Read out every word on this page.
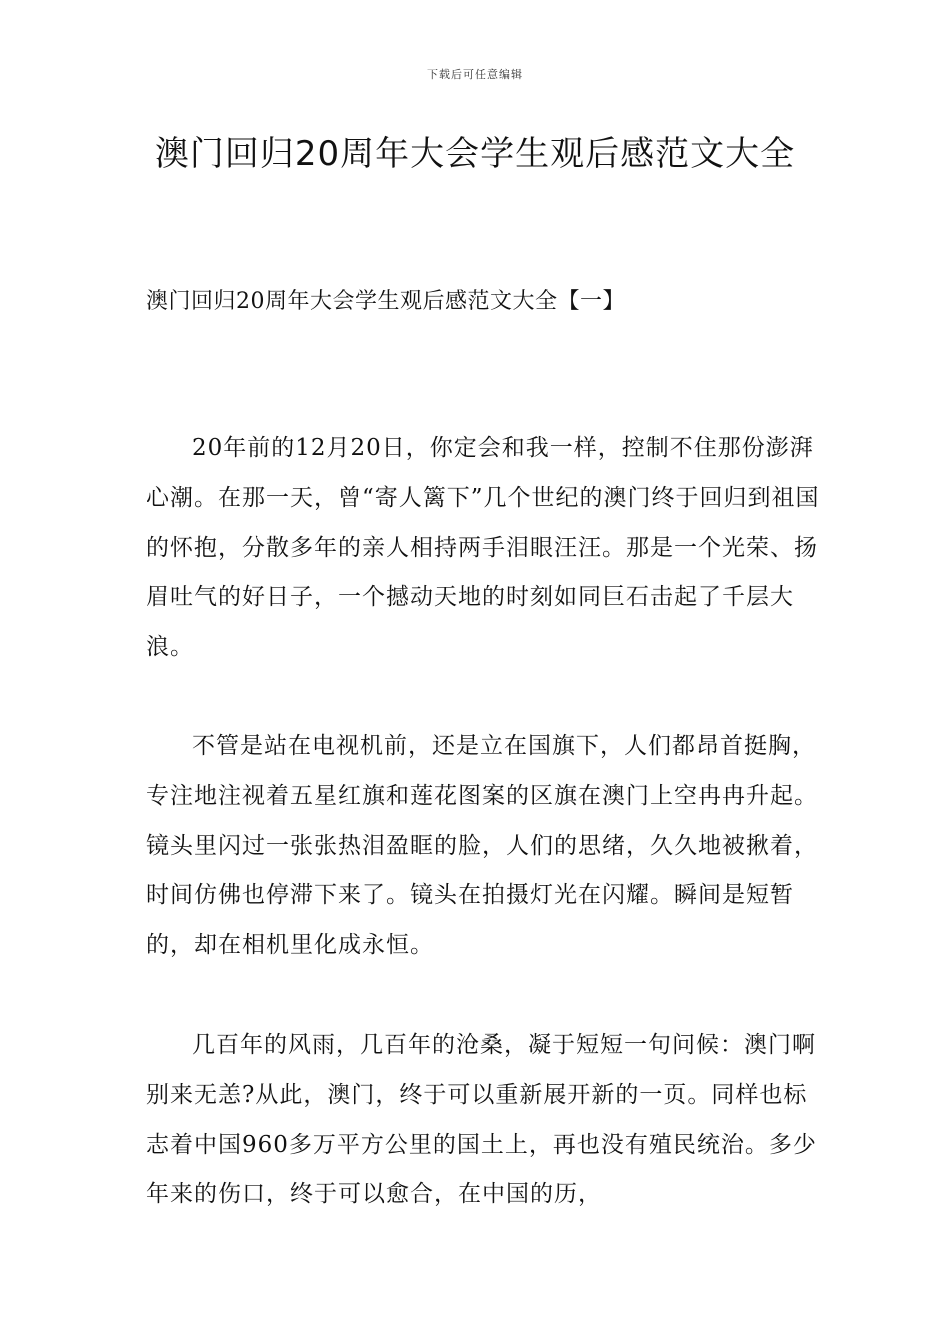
下载后可任意编辑
澳门回归20周年大会学生观后感范文大全
澳门回归20周年大会学生观后感范文大全【一】

20年前的12月20日，你定会和我一样，控制不住那份澎湃心潮。在那一天，曾“寄人篱下”几个世纪的澳门终于回归到祖国的怀抱，分散多年的亲人相持两手泪眼汪汪。那是一个光荣、扬眉吐气的好日子，一个撼动天地的时刻如同巨石击起了千层大浪。

不管是站在电视机前，还是立在国旗下，人们都昂首挺胸，专注地注视着五星红旗和莲花图案的区旗在澳门上空冉冉升起。镜头里闪过一张张热泪盈眶的脸，人们的思绪，久久地被揪着，时间仿佛也停滞下来了。镜头在拍摄灯光在闪耀。瞬间是短暂的，却在相机里化成永恒。

几百年的风雨，几百年的沧桑，凝于短短一句问候：澳门啊别来无恙?从此，澳门，终于可以重新展开新的一页。同样也标志着中国960多万平方公里的国土上，再也没有殖民统治。多少年来的伤口，终于可以愈合，在中国的历，
